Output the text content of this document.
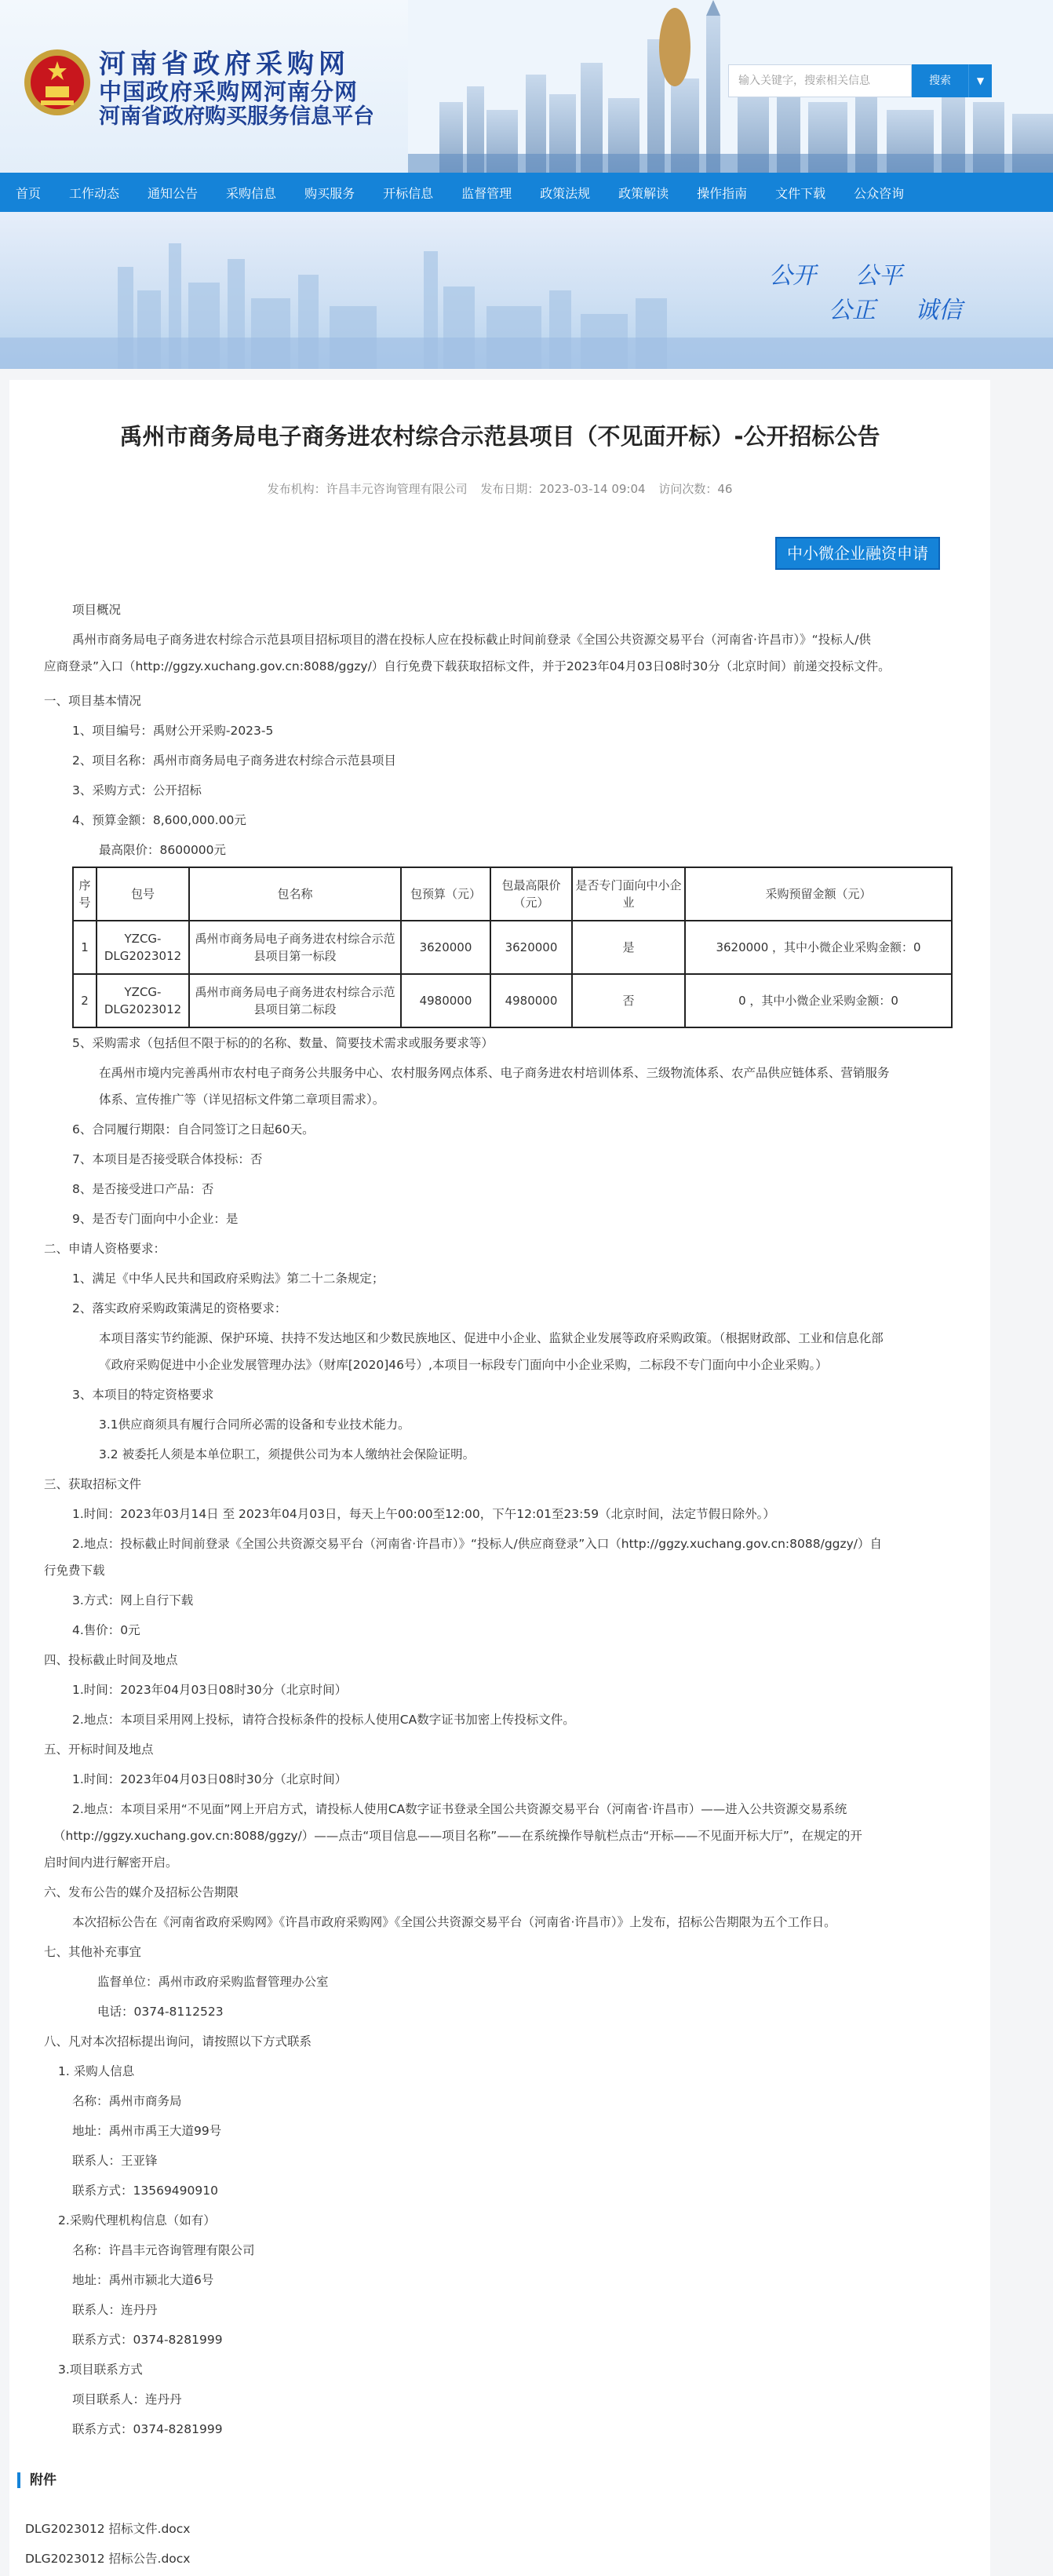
河南省政府采购网
中国政府采购网河南分网
河南省政府购买服务信息平台
输入关键字，搜索相关信息	搜索	▼
首页 工作动态 通知公告 采购信息 购买服务 开标信息 监督管理 政策法规 政策解读 操作指南 文件下载 公众咨询
公开 公平
公正 诚信
禹州市商务局电子商务进农村综合示范县项目（不见面开标）-公开招标公告
发布机构：许昌丰元咨询管理有限公司 发布日期：2023-03-14 09:04 访问次数：46
中小微企业融资申请
项目概况
禹州市商务局电子商务进农村综合示范县项目招标项目的潜在投标人应在投标截止时间前登录《全国公共资源交易平台（河南省·许昌市）》“投标人/供
应商登录”入口（http://ggzy.xuchang.gov.cn:8088/ggzy/）自行免费下载获取招标文件，并于2023年04月03日08时30分（北京时间）前递交投标文件。
一、项目基本情况
1、项目编号：禹财公开采购-2023-5
2、项目名称：禹州市商务局电子商务进农村综合示范县项目
3、采购方式：公开招标
4、预算金额：8,600,000.00元
最高限价：8600000元
序号	包号	包名称	包预算（元）	包最高限价（元）	是否专门面向中小企业	采购预留金额（元）
1	YZCG-DLG2023012	禹州市商务局电子商务进农村综合示范县项目第一标段	3620000	3620000	是	3620000 ，其中小微企业采购金额：0
2	YZCG-DLG2023012	禹州市商务局电子商务进农村综合示范县项目第二标段	4980000	4980000	否	0 ，其中小微企业采购金额：0
5、采购需求（包括但不限于标的的名称、数量、简要技术需求或服务要求等）
在禹州市境内完善禹州市农村电子商务公共服务中心、农村服务网点体系、电子商务进农村培训体系、三级物流体系、农产品供应链体系、营销服务
体系、宣传推广等（详见招标文件第二章项目需求）。
6、合同履行期限：自合同签订之日起60天。
7、本项目是否接受联合体投标：否
8、是否接受进口产品：否
9、是否专门面向中小企业：是
二、申请人资格要求：
1、满足《中华人民共和国政府采购法》第二十二条规定；
2、落实政府采购政策满足的资格要求：
本项目落实节约能源、保护环境、扶持不发达地区和少数民族地区、促进中小企业、监狱企业发展等政府采购政策。（根据财政部、工业和信息化部
《政府采购促进中小企业发展管理办法》（财库[2020]46号）,本项目一标段专门面向中小企业采购，二标段不专门面向中小企业采购。）
3、本项目的特定资格要求
3.1供应商须具有履行合同所必需的设备和专业技术能力。
3.2 被委托人须是本单位职工，须提供公司为本人缴纳社会保险证明。
三、获取招标文件
1.时间：2023年03月14日 至 2023年04月03日，每天上午00:00至12:00，下午12:01至23:59（北京时间，法定节假日除外。）
2.地点：投标截止时间前登录《全国公共资源交易平台（河南省·许昌市）》“投标人/供应商登录”入口（http://ggzy.xuchang.gov.cn:8088/ggzy/）自
行免费下载
3.方式：网上自行下载
4.售价：0元
四、投标截止时间及地点
1.时间：2023年04月03日08时30分（北京时间）
2.地点：本项目采用网上投标，请符合投标条件的投标人使用CA数字证书加密上传投标文件。
五、开标时间及地点
1.时间：2023年04月03日08时30分（北京时间）
2.地点：本项目采用“不见面”网上开启方式，请投标人使用CA数字证书登录全国公共资源交易平台（河南省·许昌市）——进入公共资源交易系统
（http://ggzy.xuchang.gov.cn:8088/ggzy/）——点击“项目信息——项目名称”——在系统操作导航栏点击“开标——不见面开标大厅”，在规定的开
启时间内进行解密开启。
六、发布公告的媒介及招标公告期限
本次招标公告在《河南省政府采购网》《许昌市政府采购网》《全国公共资源交易平台（河南省·许昌市）》上发布，招标公告期限为五个工作日。
七、其他补充事宜
监督单位：禹州市政府采购监督管理办公室
电话：0374-8112523
八、凡对本次招标提出询问，请按照以下方式联系
1. 采购人信息
名称：禹州市商务局
地址：禹州市禹王大道99号
联系人：王亚锋
联系方式：13569490910
2.采购代理机构信息（如有）
名称：许昌丰元咨询管理有限公司
地址：禹州市颍北大道6号
联系人：连丹丹
联系方式：0374-8281999
3.项目联系方式
项目联系人：连丹丹
联系方式：0374-8281999
附件
DLG2023012 招标文件.docx
DLG2023012 招标公告.docx
